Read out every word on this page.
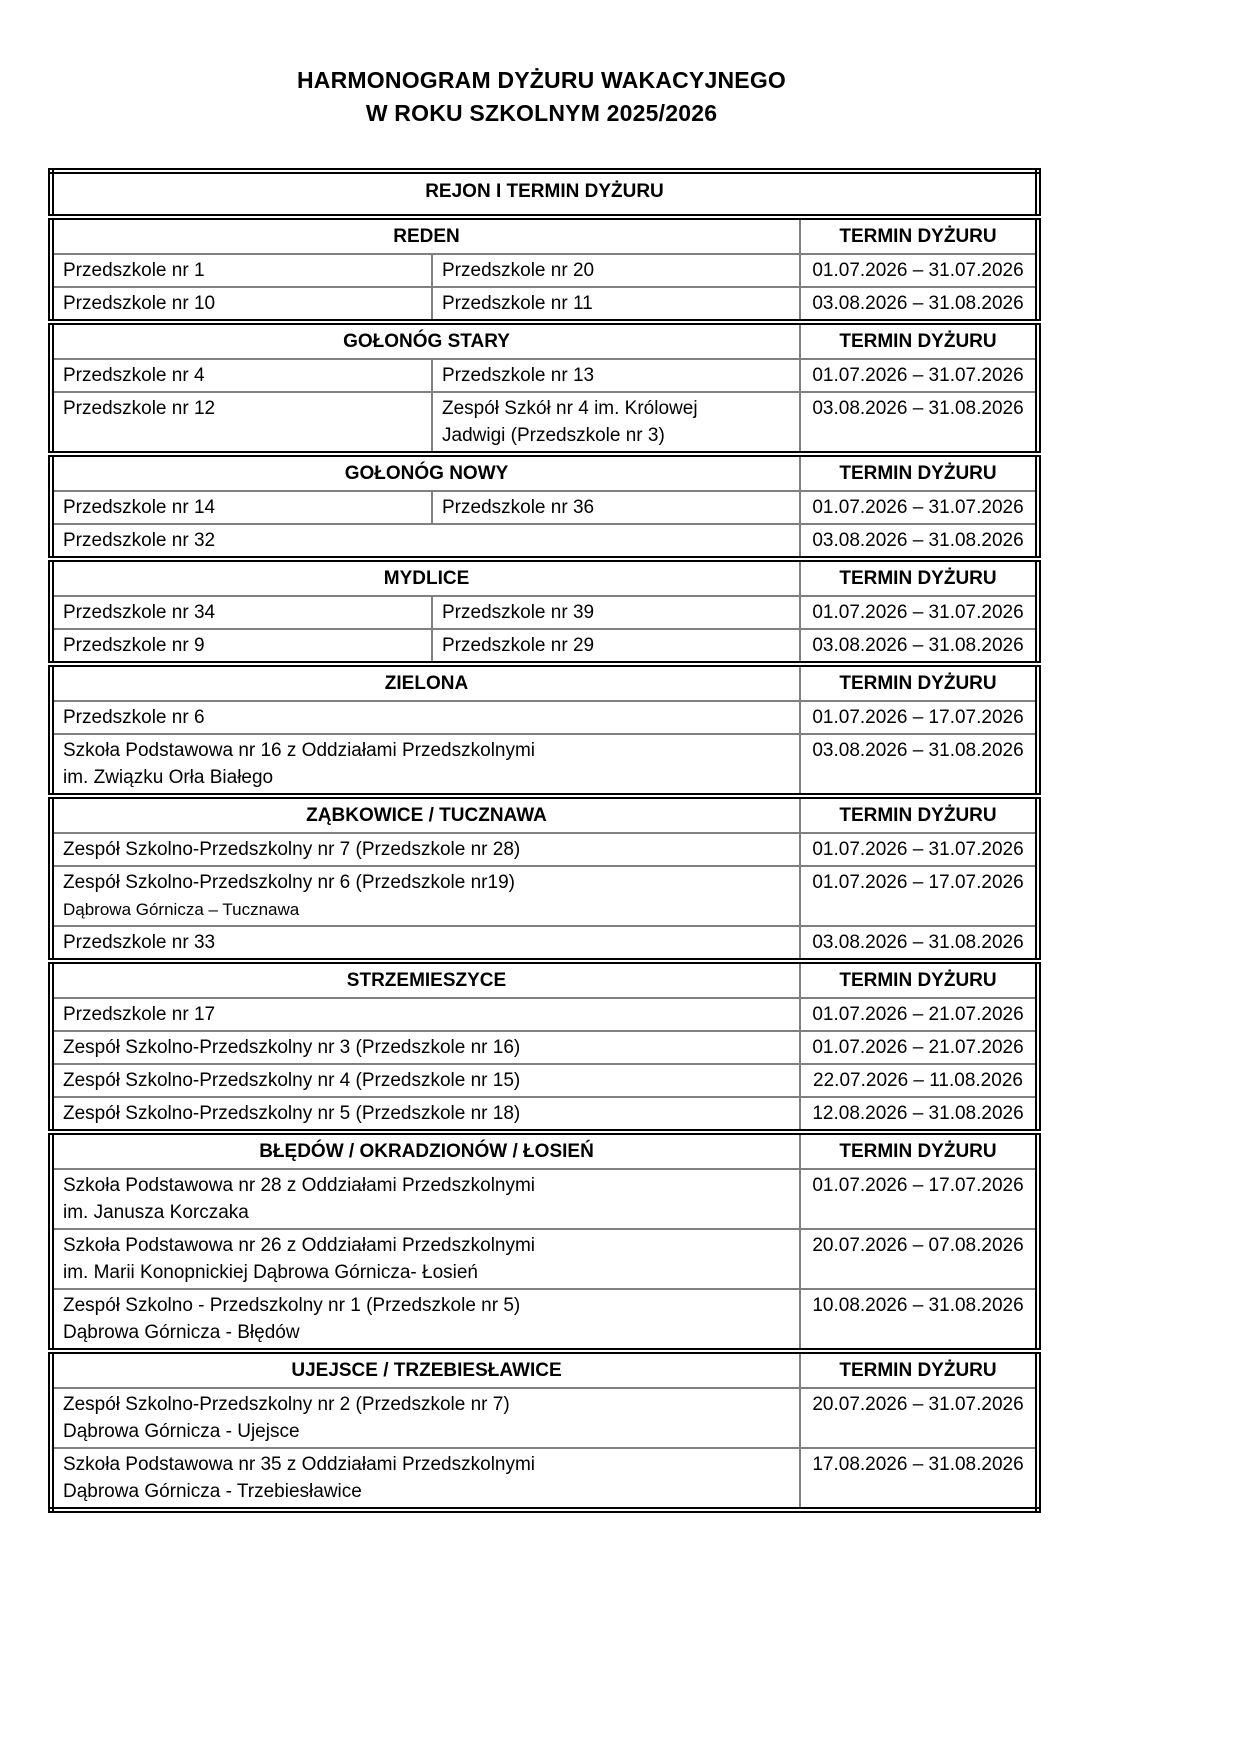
HARMONOGRAM DYŻURU WAKACYJNEGO
W ROKU SZKOLNYM 2025/2026
REJON I TERMIN DYŻURU		
REDEN		TERMIN DYŻURU
Przedszkole nr 1	Przedszkole nr 20	01.07.2026 – 31.07.2026
Przedszkole nr 10	Przedszkole nr 11	03.08.2026 – 31.08.2026
GOŁONÓG STARY		TERMIN DYŻURU
Przedszkole nr 4	Przedszkole nr 13	01.07.2026 – 31.07.2026
Przedszkole nr 12	Zespół Szkół nr 4 im. Królowej Jadwigi (Przedszkole nr 3)	03.08.2026 – 31.08.2026
GOŁONÓG NOWY		TERMIN DYŻURU
Przedszkole nr 14	Przedszkole nr 36	01.07.2026 – 31.07.2026
Przedszkole nr 32		03.08.2026 – 31.08.2026
MYDLICE		TERMIN DYŻURU
Przedszkole nr 34	Przedszkole nr 39	01.07.2026 – 31.07.2026
Przedszkole nr 9	Przedszkole nr 29	03.08.2026 – 31.08.2026
ZIELONA		TERMIN DYŻURU
Przedszkole nr 6		01.07.2026 – 17.07.2026

Szkoła Podstawowa nr 16 z Oddziałami Przedszkolnymi
im. Związku Orła Białego		03.08.2026 – 31.08.2026
ZĄBKOWICE / TUCZNAWA		TERMIN DYŻURU
Zespół Szkolno-Przedszkolny nr 7 (Przedszkole nr 28)		01.07.2026 – 31.07.2026

Zespół Szkolno-Przedszkolny nr 6 (Przedszkole nr19)
Dąbrowa Górnicza – Tucznawa		01.07.2026 – 17.07.2026
Przedszkole nr 33		03.08.2026 – 31.08.2026
STRZEMIESZYCE		TERMIN DYŻURU
Przedszkole nr 17		01.07.2026 – 21.07.2026
Zespół Szkolno-Przedszkolny nr 3 (Przedszkole nr 16)		01.07.2026 – 21.07.2026
Zespół Szkolno-Przedszkolny nr 4 (Przedszkole nr 15)		22.07.2026 – 11.08.2026
Zespół Szkolno-Przedszkolny nr 5 (Przedszkole nr 18)		12.08.2026 – 31.08.2026
BŁĘDÓW / OKRADZIONÓW / ŁOSIEŃ		TERMIN DYŻURU

Szkoła Podstawowa nr 28 z Oddziałami Przedszkolnymi
im. Janusza Korczaka		01.07.2026 – 17.07.2026

Szkoła Podstawowa nr 26 z Oddziałami Przedszkolnymi
im. Marii Konopnickiej Dąbrowa Górnicza- Łosień		20.07.2026 – 07.08.2026

Zespół Szkolno - Przedszkolny nr 1 (Przedszkole nr 5)
Dąbrowa Górnicza - Błędów		10.08.2026 – 31.08.2026
UJEJSCE / TRZEBIESŁAWICE		TERMIN DYŻURU

Zespół Szkolno-Przedszkolny nr 2 (Przedszkole nr 7)
Dąbrowa Górnicza - Ujejsce		20.07.2026 – 31.07.2026

Szkoła Podstawowa nr 35 z Oddziałami Przedszkolnymi
Dąbrowa Górnicza - Trzebiesławice		17.08.2026 – 31.08.2026
